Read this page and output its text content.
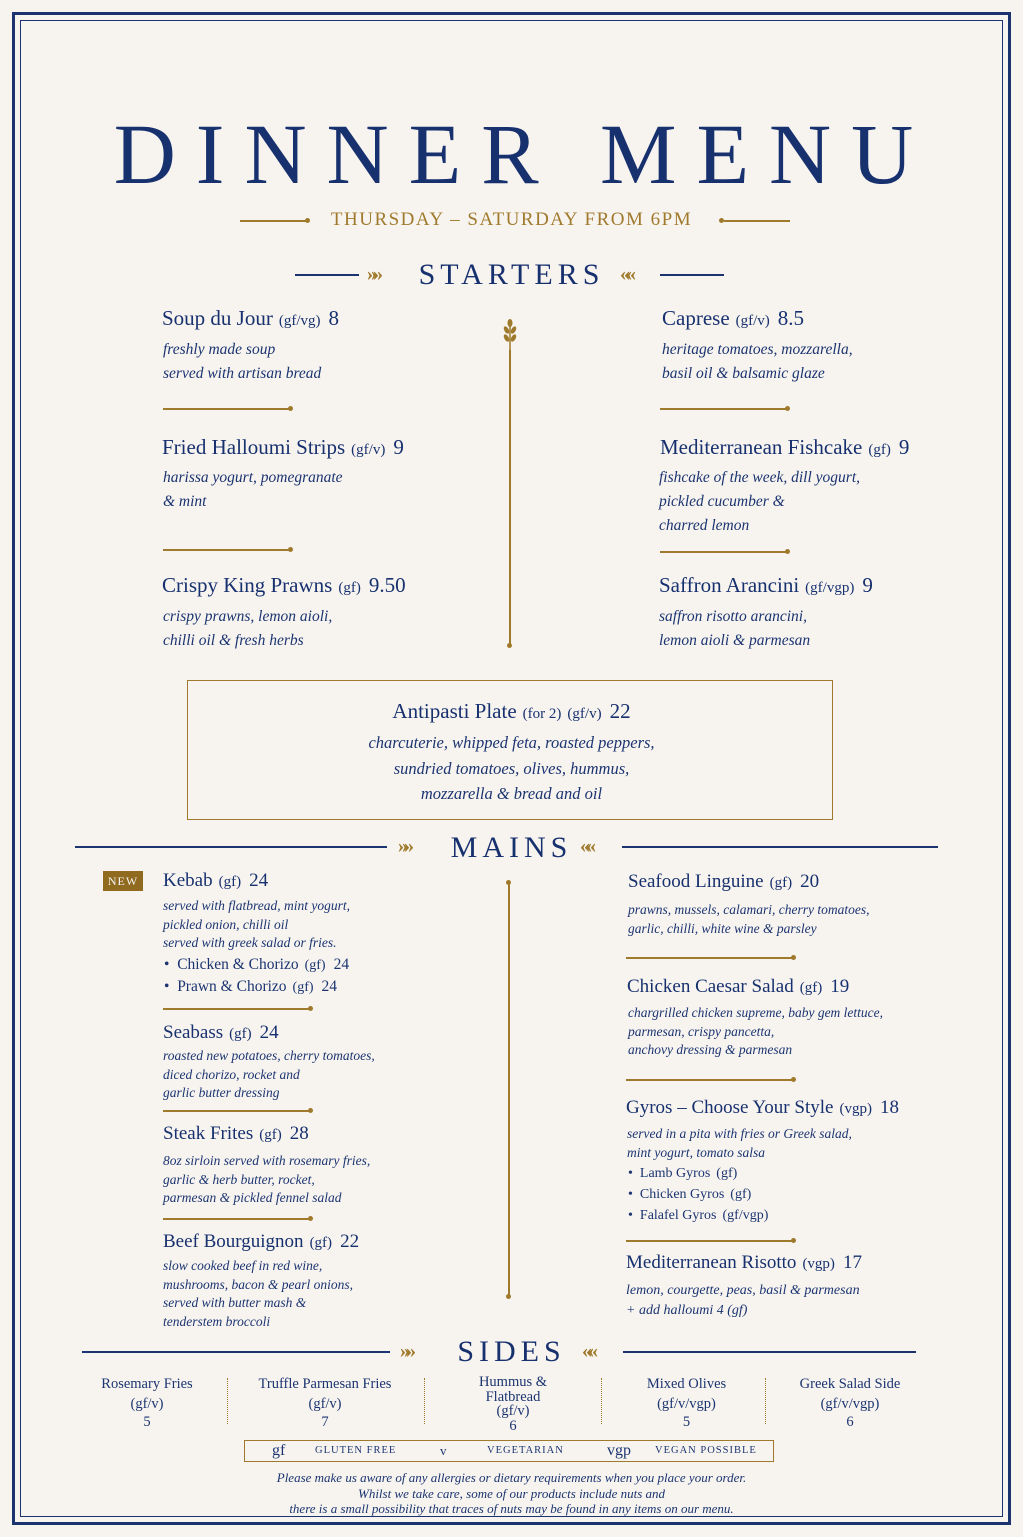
DINNER MENU
THURSDAY – SATURDAY FROM 6PM
»»	STARTERS ««
Soup du Jour (gf/vg) 8
freshly made soup
served with artisan bread
Fried Halloumi Strips (gf/v) 9
harissa yogurt, pomegranate
& mint
Crispy King Prawns (gf) 9.50
crispy prawns, lemon aioli,
chilli oil & fresh herbs
Caprese (gf/v) 8.5
heritage tomatoes, mozzarella,
basil oil & balsamic glaze
Mediterranean Fishcake (gf) 9
fishcake of the week, dill yogurt,
pickled cucumber &
charred lemon
Saffron Arancini (gf/vgp) 9
saffron risotto arancini,
lemon aioli & parmesan
Antipasti Plate (for 2) (gf/v) 22
charcuterie, whipped feta, roasted peppers,
sundried tomatoes, olives, hummus,
mozzarella & bread and oil
»»	MAINS ««
NEW Kebab (gf) 24
served with flatbread, mint yogurt,
pickled onion, chilli oil
served with greek salad or fries.
•  Chicken & Chorizo (gf) 24
•  Prawn & Chorizo (gf) 24
Seabass (gf) 24
roasted new potatoes, cherry tomatoes,
diced chorizo, rocket and
garlic butter dressing
Steak Frites (gf) 28
8oz sirloin served with rosemary fries,
garlic & herb butter, rocket,
parmesan & pickled fennel salad
Beef Bourguignon (gf) 22
slow cooked beef in red wine,
mushrooms, bacon & pearl onions,
served with butter mash &
tenderstem broccoli
Seafood Linguine (gf) 20
prawns, mussels, calamari, cherry tomatoes,
garlic, chilli, white wine & parsley
Chicken Caesar Salad (gf) 19
chargrilled chicken supreme, baby gem lettuce,
parmesan, crispy pancetta,
anchovy dressing & parmesan
Gyros – Choose Your Style (vgp) 18
served in a pita with fries or Greek salad,
mint yogurt, tomato salsa
•  Lamb Gyros (gf)
•  Chicken Gyros (gf)
•  Falafel Gyros (gf/vgp)
Mediterranean Risotto (vgp) 17
lemon, courgette, peas, basil & parmesan
+ add halloumi 4 (gf)
»»	SIDES ««
Rosemary Fries
(gf/v)
5
Truffle Parmesan Fries
(gf/v)
7
Hummus & Flatbread
(gf/v)
6
Mixed Olives
(gf/v/vgp)
5
Greek Salad Side
(gf/v/vgp)
6
gf	GLUTEN FREE	v	VEGETARIAN	vgp VEGAN POSSIBLE
Please make us aware of any allergies or dietary requirements when you place your order.
Whilst we take care, some of our products include nuts and
there is a small possibility that traces of nuts may be found in any items on our menu.
